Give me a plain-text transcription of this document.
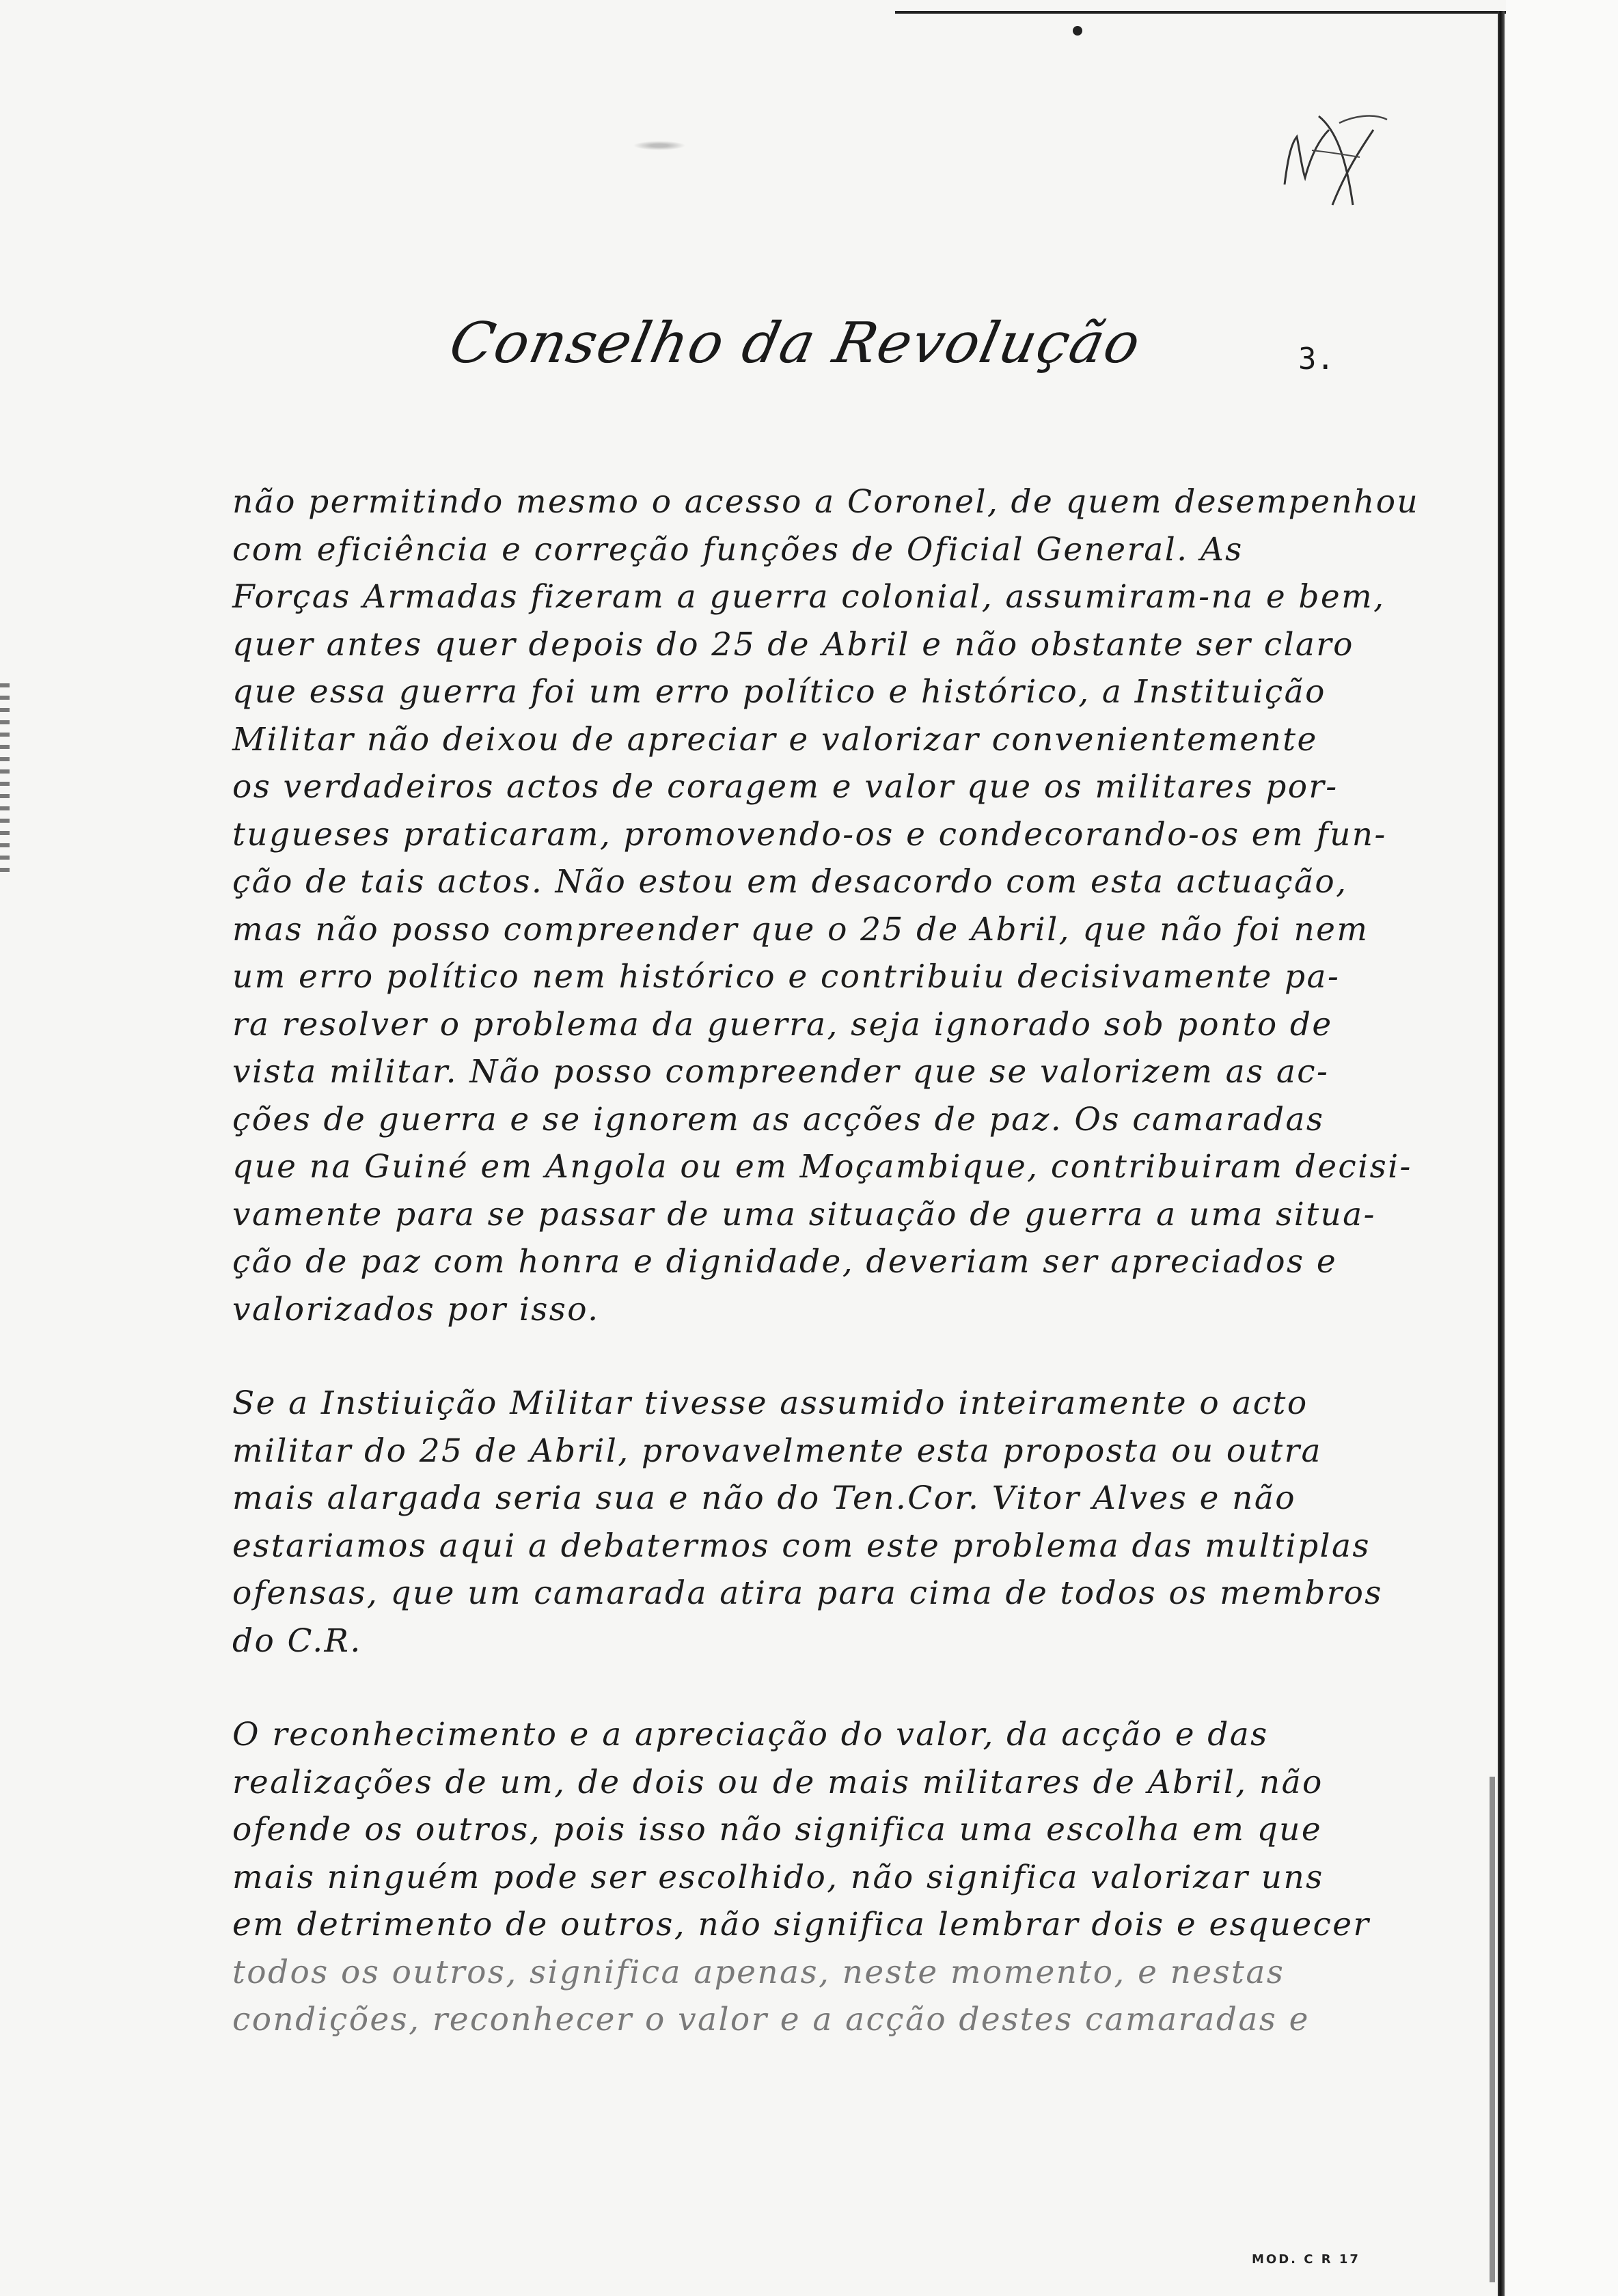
Conselho da Revolução	3.
não permitindo mesmo o acesso a Coronel, de quem desempenhou
com eficiência e correção funções de Oficial General. As
Forças Armadas fizeram a guerra colonial, assumiram-na e bem,
quer antes quer depois do 25 de Abril e não obstante ser claro
que essa guerra foi um erro político e histórico, a Instituição
Militar não deixou de apreciar e valorizar convenientemente
os verdadeiros actos de coragem e valor que os militares por-
tugueses praticaram, promovendo-os e condecorando-os em fun-
ção de tais actos. Não estou em desacordo com esta actuação,
mas não posso compreender que o 25 de Abril, que não foi nem
um erro político nem histórico e contribuiu decisivamente pa-
ra resolver o problema da guerra, seja ignorado sob ponto de
vista militar. Não posso compreender que se valorizem as ac-
ções de guerra e se ignorem as acções de paz. Os camaradas
que na Guiné em Angola ou em Moçambique, contribuiram decisi-
vamente para se passar de uma situação de guerra a uma situa-
ção de paz com honra e dignidade, deveriam ser apreciados e
valorizados por isso.
Se a Instiuição Militar tivesse assumido inteiramente o acto
militar do 25 de Abril, provavelmente esta proposta ou outra
mais alargada seria sua e não do Ten.Cor. Vitor Alves e não
estariamos aqui a debatermos com este problema das multiplas
ofensas, que um camarada atira para cima de todos os membros
do C.R.
O reconhecimento e a apreciação do valor, da acção e das
realizações de um, de dois ou de mais militares de Abril, não
ofende os outros, pois isso não significa uma escolha em que
mais ninguém pode ser escolhido, não significa valorizar uns
em detrimento de outros, não significa lembrar dois e esquecer
todos os outros, significa apenas, neste momento, e nestas
condições, reconhecer o valor e a acção destes camaradas e
MOD. C R 17
